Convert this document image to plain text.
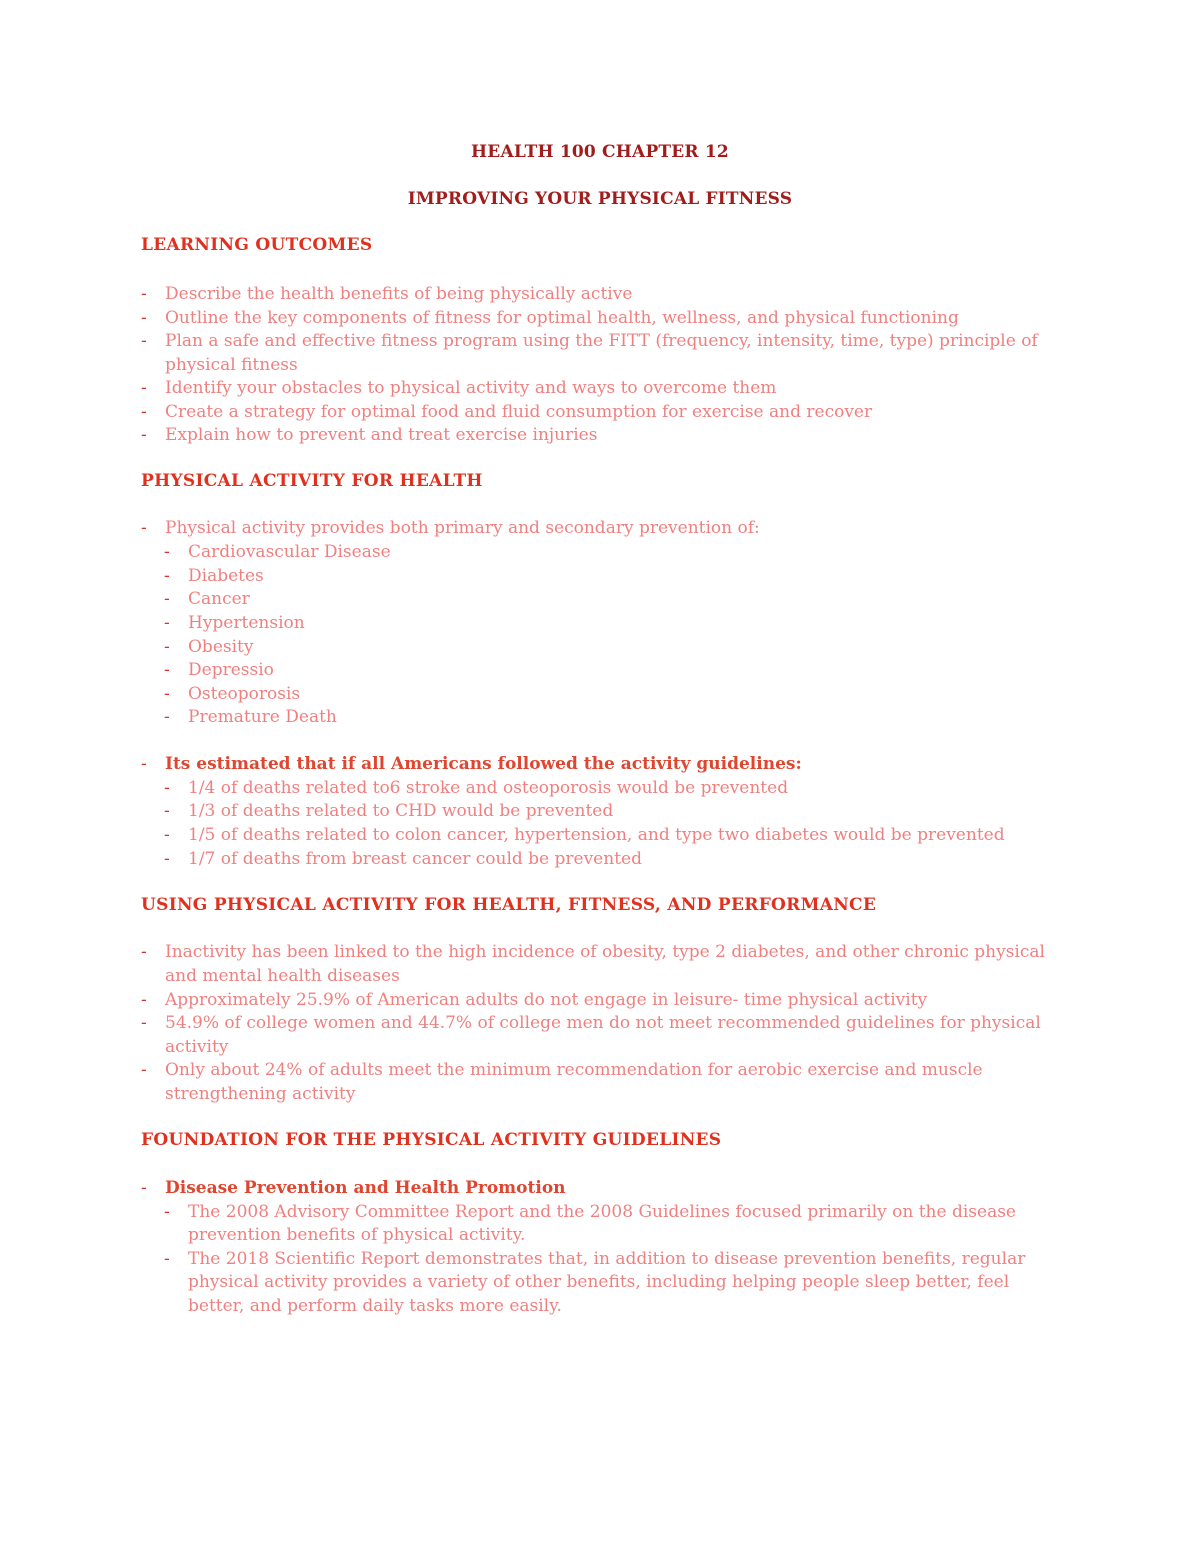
HEALTH 100 CHAPTER 12
IMPROVING YOUR PHYSICAL FITNESS
LEARNING OUTCOMES
- Describe the health benefits of being physically active
- Outline the key components of fitness for optimal health, wellness, and physical functioning
- Plan a safe and effective fitness program using the FITT (frequency, intensity, time, type) principle of
physical fitness
- Identify your obstacles to physical activity and ways to overcome them
- Create a strategy for optimal food and fluid consumption for exercise and recover
- Explain how to prevent and treat exercise injuries
PHYSICAL ACTIVITY FOR HEALTH
- Physical activity provides both primary and secondary prevention of:
- Cardiovascular Disease
- Diabetes
- Cancer
- Hypertension
- Obesity
- Depressio
- Osteoporosis
- Premature Death
- Its estimated that if all Americans followed the activity guidelines:
- 1/4 of deaths related to6 stroke and osteoporosis would be prevented
- 1/3 of deaths related to CHD would be prevented
- 1/5 of deaths related to colon cancer, hypertension, and type two diabetes would be prevented
- 1/7 of deaths from breast cancer could be prevented
USING PHYSICAL ACTIVITY FOR HEALTH, FITNESS, AND PERFORMANCE
- Inactivity has been linked to the high incidence of obesity, type 2 diabetes, and other chronic physical
and mental health diseases
- Approximately 25.9% of American adults do not engage in leisure- time physical activity
- 54.9% of college women and 44.7% of college men do not meet recommended guidelines for physical
activity
- Only about 24% of adults meet the minimum recommendation for aerobic exercise and muscle
strengthening activity
FOUNDATION FOR THE PHYSICAL ACTIVITY GUIDELINES
- Disease Prevention and Health Promotion
- The 2008 Advisory Committee Report and the 2008 Guidelines focused primarily on the disease
prevention benefits of physical activity.
- The 2018 Scientific Report demonstrates that, in addition to disease prevention benefits, regular
physical activity provides a variety of other benefits, including helping people sleep better, feel
better, and perform daily tasks more easily.
